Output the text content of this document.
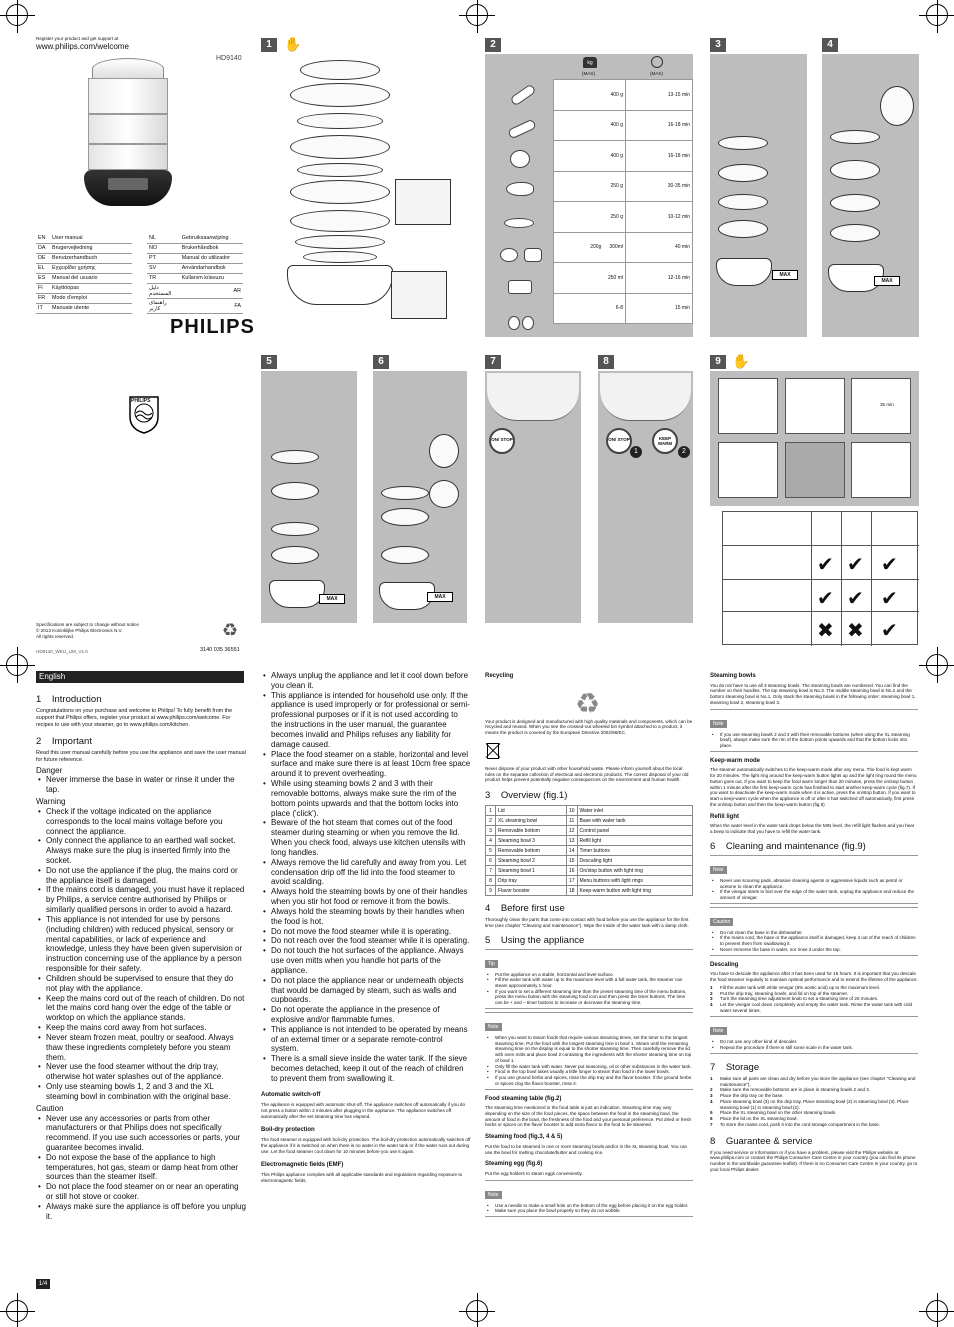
Register your product and get support at
www.philips.com/welcome
HD9140
EN	User manual
DA	Brugervejledning
DE	Benutzerhandbuch
EL	Εγχειρίδιο χρήσης
ES	Manual del usuario
FI	Käyttöopas
FR	Mode d'emploi
IT	Manuale utente
NL	Gebruiksaanwijzing
NO	Brukerhåndbok
PT	Manual do utilizador
SV	Användarhandbok
TR	Kullanım kılavuzu
دليل المستخدم	AR
راهنمای کاربر	FA
PHILIPS
PHILIPS
Specifications are subject to change without notice
© 2013 Koninklijke Philips Electronics N.V.
All rights reserved.	♻
3140 035 36551
HD9140_WEU_UM_V1.0
1 ✋	2
kg
(MAX)	(MAX)
400 g	13-15 min
400 g	16-18 min
400 g	16-18 min
250 g	30-35 min
250 g	10-12 min
200g 300ml	40 min
250 ml	12-16 min
6-8	15 min
3
MAX
4
MAX
5
MAX
6
MAX
7
ON/ STOP
8
ON/ STOP	KEEP WARM
1	2
9 ✋
35 min
✔ ✔ ✔
✔ ✔ ✔
✖ ✖ ✔
English
1    Introduction
Congratulations on your purchase and welcome to Philips! To fully benefit from the support that Philips offers, register your product at www.philips.com/welcome. For recipes to use with your steamer, go to www.philips.com/kitchen.
2    Important
Read this user manual carefully before you use the appliance and save the user manual for future reference.
Danger
• Never immerse the base in water or rinse it under the tap.
Warning
• Check if the voltage indicated on the appliance corresponds to the local mains voltage before you connect the appliance.
• Only connect the appliance to an earthed wall socket. Always make sure the plug is inserted firmly into the socket.
• Do not use the appliance if the plug, the mains cord or the appliance itself is damaged.
• If the mains cord is damaged, you must have it replaced by Philips, a service centre authorised by Philips or similarly qualified persons in order to avoid a hazard.
• This appliance is not intended for use by persons (including children) with reduced physical, sensory or mental capabilities, or lack of experience and knowledge, unless they have been given supervision or instruction concerning use of the appliance by a person responsible for their safety.
• Children should be supervised to ensure that they do not play with the appliance.
• Keep the mains cord out of the reach of children. Do not let the mains cord hang over the edge of the table or worktop on which the appliance stands.
• Keep the mains cord away from hot surfaces.
• Never steam frozen meat, poultry or seafood. Always thaw these ingredients completely before you steam them.
• Never use the food steamer without the drip tray, otherwise hot water splashes out of the appliance.
• Only use steaming bowls 1, 2 and 3 and the XL steaming bowl in combination with the original base.
Caution
• Never use any accessories or parts from other manufacturers or that Philips does not specifically recommend. If you use such accessories or parts, your guarantee becomes invalid.
• Do not expose the base of the appliance to high temperatures, hot gas, steam or damp heat from other sources than the steamer itself.
• Do not place the food steamer on or near an operating or still hot stove or cooker.
• Always make sure the appliance is off before you unplug it.
1/4
• Always unplug the appliance and let it cool down before you clean it.
• This appliance is intended for household use only. If the appliance is used improperly or for professional or semi-professional purposes or if it is not used according to the instructions in the user manual, the guarantee becomes invalid and Philips refuses any liability for damage caused.
• Place the food steamer on a stable, horizontal and level surface and make sure there is at least 10cm free space around it to prevent overheating.
• While using steaming bowls 2 and 3 with their removable bottoms, always make sure the rim of the bottom points upwards and that the bottom locks into place ('click').
• Beware of the hot steam that comes out of the food steamer during steaming or when you remove the lid. When you check food, always use kitchen utensils with long handles.
• Always remove the lid carefully and away from you. Let condensation drip off the lid into the food steamer to avoid scalding.
• Always hold the steaming bowls by one of their handles when you stir hot food or remove it from the bowls.
• Always hold the steaming bowls by their handles when the food is hot.
• Do not move the food steamer while it is operating.
• Do not reach over the food steamer while it is operating.
• Do not touch the hot surfaces of the appliance. Always use oven mitts when you handle hot parts of the appliance.
• Do not place the appliance near or underneath objects that would be damaged by steam, such as walls and cupboards.
• Do not operate the appliance in the presence of explosive and/or flammable fumes.
• This appliance is not intended to be operated by means of an external timer or a separate remote-control system.
• There is a small sieve inside the water tank. If the sieve becomes detached, keep it out of the reach of children to prevent them from swallowing it.
Automatic switch-off
The appliance is equipped with automatic shut-off. The appliance switches off automatically if you do not press a button within 2 minutes after plugging in the appliance. The appliance switches off automatically after the set steaming time has elapsed.
Boil-dry protection
The food steamer is equipped with boil-dry protection. The boil-dry protection automatically switches off the appliance if it is switched on when there is no water in the water tank or if the water runs out during use. Let the food steamer cool down for 10 minutes before you use it again.
Electromagnetic fields (EMF)
This Philips appliance complies with all applicable standards and regulations regarding exposure to electromagnetic fields.
Recycling
♻
Your product is designed and manufactured with high quality materials and components, which can be recycled and reused. When you see the crossed-out wheeled bin symbol attached to a product, it means the product is covered by the European Directive 2002/96/EC.
Never dispose of your product with other household waste. Please inform yourself about the local rules on the separate collection of electrical and electronic products. The correct disposal of your old product helps prevent potentially negative consequences on the environment and human health.
3    Overview (fig.1)
1	Lid	10	Water inlet
2	XL steaming bowl	11	Base with water tank
3	Removable bottom	12	Control panel
4	Steaming bowl 3	13	Refill light
5	Removable bottom	14	Timer buttons
6	Steaming bowl 2	15	Descaling light
7	Steaming bowl 1	16	On/stop button with light ring
8	Drip tray	17	Menu buttons with light rings
9	Flavor booster	18	Keep-warm button with light ring
4    Before first use
Thoroughly clean the parts that come into contact with food before you use the appliance for the first time (see chapter "Cleaning and maintenance"). Wipe the inside of the water tank with a damp cloth.
5    Using the appliance
Tip
• Put the appliance on a stable, horizontal and level surface.
• Fill the water tank with water up to the maximum level with a full water tank, the steamer can steam approximately 1 hour.
• If you want to set a different steaming time than the preset steaming time of the menu buttons, press the menu button with the steaming food icon and then press the timer buttons. The time can be + and – timer buttons to increase or decrease the steaming time.
Note
• When you want to steam foods that require various steaming times, set the timer to the longest steaming time. Put the food with the longest steaming time in bowl 1. Steam until the remaining steaming time on the display is equal to the shorter steaming time. Then carefully remove the lid with oven mitts and place bowl 2 containing the ingredients with the shorter steaming time on top of bowl 1.
• Only fill the water tank with water. Never put seasoning, oil or other substances in the water tank.
• Food in the top bowl takes usually a little longer to steam than food in the lower bowls.
• If you use ground herbs and spices, rinse the drip tray and the flavor booster. If the ground herbs or spices clog the flavor booster, rinse it.
Food steaming table (fig.2)
The steaming time mentioned in the food table is just an indication. Steaming time may vary depending on the size of the food pieces, the space between the food in the steaming bowl, the amount of food in the bowl, the freshness of the food and your personal preference. Put dried or fresh herbs or spices on the flavor booster to add extra flavor to the food to be steamed.
Steaming food (fig.3, 4 & 5)
Put the food to be steamed in one or more steaming bowls and/or in the XL steaming bowl. You can use the bowl for melting chocolate/butter and cooking rice.
Steaming egg (fig.6)
Put the egg holders to steam eggs conveniently.
Note
• Use a needle to make a small hole on the bottom of the egg before placing it on the egg holder.
• Make sure you place the bowl properly so they do not wobble.
Steaming bowls
You do not have to use all 3 steaming bowls. The steaming bowls are numbered. You can find the number on their handles. The top steaming bowl is No.3. The middle steaming bowl is No.2 and the bottom steaming bowl is No.1. Only stack the steaming bowls in the following order: steaming bowl 1, steaming bowl 2, steaming bowl 3.
Note
• If you use steaming bowls 2 and 3 with their removable bottoms (when using the XL steaming bowl), always make sure the rim of the bottom points upwards and that the bottom locks into place.
Keep-warm mode
The steamer automatically switches to the keep-warm mode after any menu. The food is kept warm for 20 minutes. The light ring around the keep-warm button lights up and the light ring round the menu button goes out. If you want to keep the food warm longer than 20 minutes, press the on/stop button within 1 minute after the first keep-warm cycle has finished to start another keep-warm cycle (fig.7). If you want to deactivate the keep-warm mode when it is active, press the on/stop button. If you want to start a keep-warm cycle when the appliance is off or after it has switched off automatically, first press the on/stop button and then the keep-warm button (fig.8)
Refill light
When the water level in the water tank drops below the MIN level, the refill light flashes and you hear a beep to indicate that you have to refill the water tank.
6    Cleaning and maintenance (fig.9)
Note
• Never use scouring pads, abrasive cleaning agents or aggressive liquids such as petrol or acetone to clean the appliance.
• If the vinegar starts to boil over the edge of the water tank, unplug the appliance and reduce the amount of vinegar.
Caution
• Do not clean the base in the dishwasher.
• If the mains cord, the base or the appliance itself is damaged, keep it out of the reach of children to prevent them from swallowing it.
• Never immerse the base in water, nor rinse it under the tap.
Descaling
You have to descale the appliance after it has been used for 15 hours. It is important that you descale the food steamer regularly to maintain optimal performance and to extend the lifetime of the appliance.
1	Fill the water tank with white vinegar (8% acetic acid) up to the maximum level.
2	Put the drip tray, steaming bowls, and lid on top of the steamer.
3	Turn the steaming time adjustment knob to set a steaming time of 25 minutes.
4	Let the vinegar cool down completely and empty the water tank. Rinse the water tank with cold water several times.
Note
• Do not use any other kind of descaler.
• Repeat the procedure if there is still some scale in the water tank.
7    Storage
1	Make sure all parts are clean and dry before you store the appliance (see chapter "Cleaning and maintenance").
2	Make sure the removable bottoms are in place in steaming bowls 2 and 3.
3	Place the drip tray on the base.
4	Place steaming bowl (3) on the drip tray. Place steaming bowl (2) in steaming bowl (3). Place steaming bowl (1) in steaming bowl (2).
5	Place the XL steaming bowl on the other steaming bowls.
6	Place the lid on the XL steaming bowl.
7	To store the mains cord, push it into the cord storage compartment in the base.
8    Guarantee & service
If you need service or information or if you have a problem, please visit the Philips website at www.philips.com or contact the Philips Consumer Care Centre in your country (you can find its phone number in the worldwide guarantee leaflet). If there is no Consumer Care Centre in your country, go to your local Philips dealer.
